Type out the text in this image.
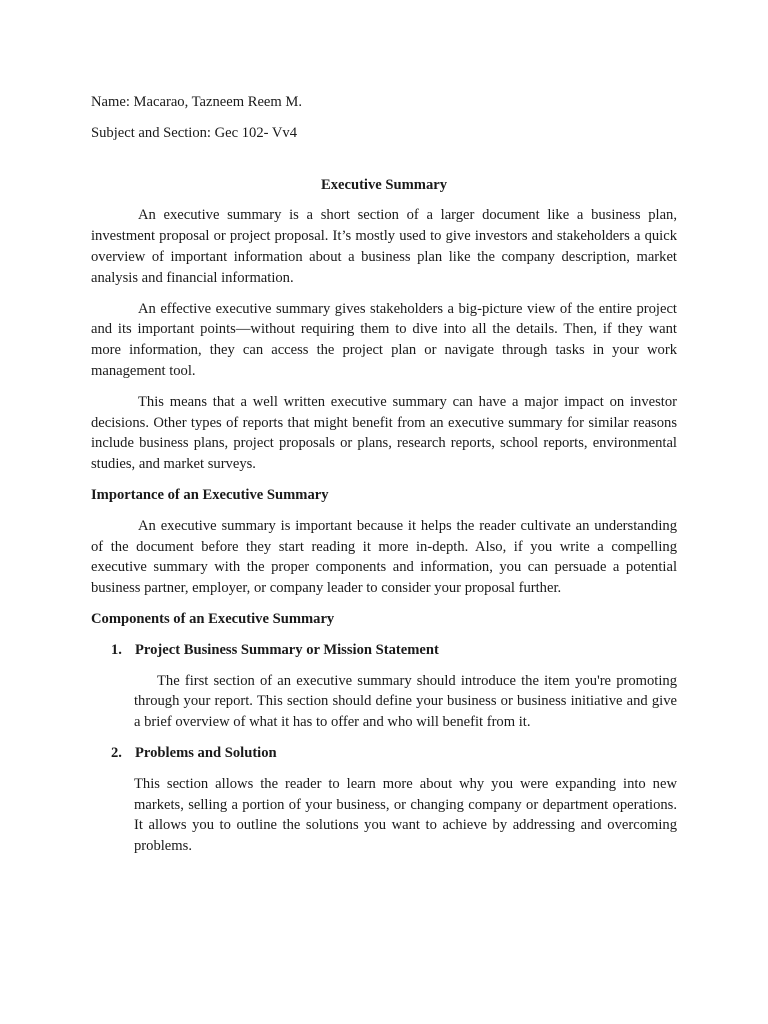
Name: Macarao, Tazneem Reem M.

Subject and Section: Gec 102- Vv4

Executive Summary

An executive summary is a short section of a larger document like a business plan, investment proposal or project proposal. It’s mostly used to give investors and stakeholders a quick overview of important information about a business plan like the company description, market analysis and financial information.

An effective executive summary gives stakeholders a big-picture view of the entire project and its important points—without requiring them to dive into all the details. Then, if they want more information, they can access the project plan or navigate through tasks in your work management tool.

This means that a well written executive summary can have a major impact on investor decisions. Other types of reports that might benefit from an executive summary for similar reasons include business plans, project proposals or plans, research reports, school reports, environmental studies, and market surveys.

Importance of an Executive Summary

An executive summary is important because it helps the reader cultivate an understanding of the document before they start reading it more in-depth. Also, if you write a compelling executive summary with the proper components and information, you can persuade a potential business partner, employer, or company leader to consider your proposal further.

Components of an Executive Summary
1. Project Business Summary or Mission Statement

The first section of an executive summary should introduce the item you're promoting through your report. This section should define your business or business initiative and give a brief overview of what it has to offer and who will benefit from it.

2. Problems and Solution

This section allows the reader to learn more about why you were expanding into new markets, selling a portion of your business, or changing company or department operations. It allows you to outline the solutions you want to achieve by addressing and overcoming problems.
